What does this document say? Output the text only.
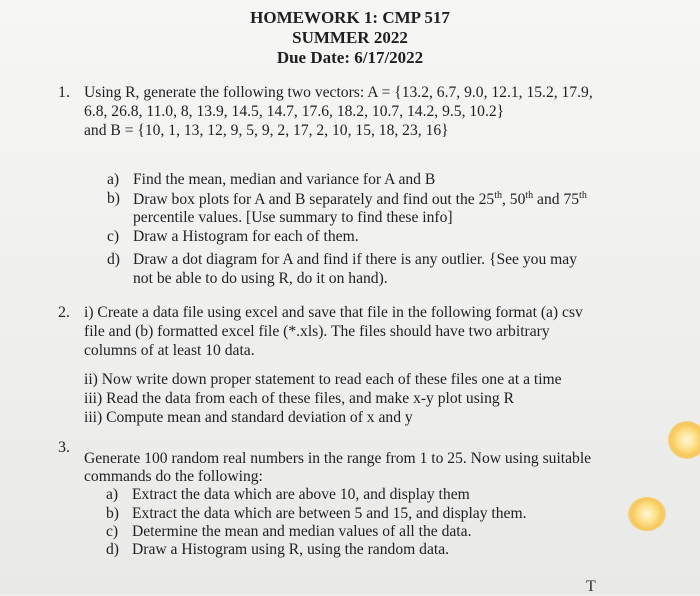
HOMEWORK 1: CMP 517
SUMMER 2022
Due Date: 6/17/2022
1. Using R, generate the following two vectors: A = {13.2, 6.7, 9.0, 12.1, 15.2, 17.9,
6.8, 26.8, 11.0, 8, 13.9, 14.5, 14.7, 17.6, 18.2, 10.7, 14.2, 9.5, 10.2}
and B = {10, 1, 13, 12, 9, 5, 9, 2, 17, 2, 10, 15, 18, 23, 16}
a) Find the mean, median and variance for A and B
b) Draw box plots for A and B separately and find out the 25th, 50th and 75th
percentile values. [Use summary to find these info]
c) Draw a Histogram for each of them.
d) Draw a dot diagram for A and find if there is any outlier. {See you may
not be able to do using R, do it on hand).
2. i) Create a data file using excel and save that file in the following format (a) csv
file and (b) formatted excel file (*.xls). The files should have two arbitrary
columns of at least 10 data.
ii) Now write down proper statement to read each of these files one at a time
iii) Read the data from each of these files, and make x-y plot using R
iii) Compute mean and standard deviation of x and y
3.
Generate 100 random real numbers in the range from 1 to 25. Now using suitable
commands do the following:
a) Extract the data which are above 10, and display them
b) Extract the data which are between 5 and 15, and display them.
c) Determine the mean and median values of all the data.
d) Draw a Histogram using R, using the random data.
T
